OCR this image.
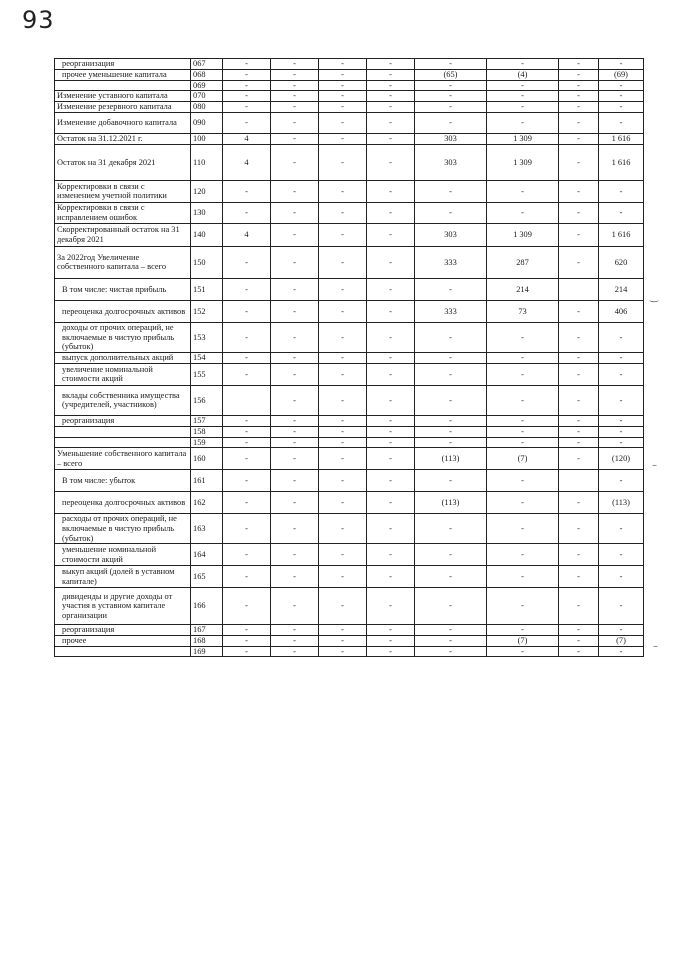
93
реорганизация	067	-	-	-	-	-	-	-	-
прочее уменьшение капитала	068	-	-	-	-	(65)	(4)	-	(69)
	069	-	-	-	-	-	-	-	-
Изменение уставного капитала	070	-	-	-	-	-	-	-	-
Изменение резервного капитала	080	-	-	-	-	-	-	-	-
Изменение добавочного капитала	090	-	-	-	-	-	-	-	-
Остаток на 31.12.2021 г.	100	4	-	-	-	303	1 309	-	1 616
Остаток на 31 декабря 2021	110	4	-	-	-	303	1 309	-	1 616
Корректировки в связи с изменением учетной политики	120	-	-	-	-	-	-	-	-
Корректировки в связи с исправлением ошибок	130	-	-	-	-	-	-	-	-
Скорректированный остаток на 31 декабря 2021	140	4	-	-	-	303	1 309	-	1 616
За 2022год Увеличение собственного капитала – всего	150	-	-	-	-	333	287	-	620
В том числе: чистая прибыль	151	-	-	-	-	-	214		214
переоценка долгосрочных активов	152	-	-	-	-	333	73	-	406
доходы от прочих операций, не включаемые в чистую прибыль (убыток)	153	-	-	-	-	-	-	-	-
выпуск дополнительных акций	154	-	-	-	-	-	-	-	-
увеличение номинальной стоимости акций	155	-	-	-	-	-	-	-	-
вклады собственника имущества (учредителей, участников)	156		-	-	-	-	-	-	-
реорганизация	157	-	-	-	-	-	-	-	-
	158	-	-	-	-	-	-	-	-
	159	-	-	-	-	-	-	-	-
Уменьшение собственного капитала – всего	160	-	-	-	-	(113)	(7)	-	(120)
В том числе: убыток	161	-	-	-	-	-	-		-
переоценка долгосрочных активов	162	-	-	-	-	(113)	-	-	(113)
расходы от прочих операций, не включаемые в чистую прибыль (убыток)	163	-	-	-	-	-	-	-	-
уменьшение номинальной стоимости акций	164	-	-	-	-	-	-	-	-
выкуп акций (долей в уставном капитале)	165	-	-	-	-	-	-	-	-
дивиденды и другие доходы от участия в уставном капитале организации	166	-	-	-	-	-	-	-	-
реорганизация	167	-	-	-	-	-	-	-	-
прочее	168	-	-	-	-	-	(7)	-	(7)
	169	-	-	-	-	-	-	-	-
‿
–
–
